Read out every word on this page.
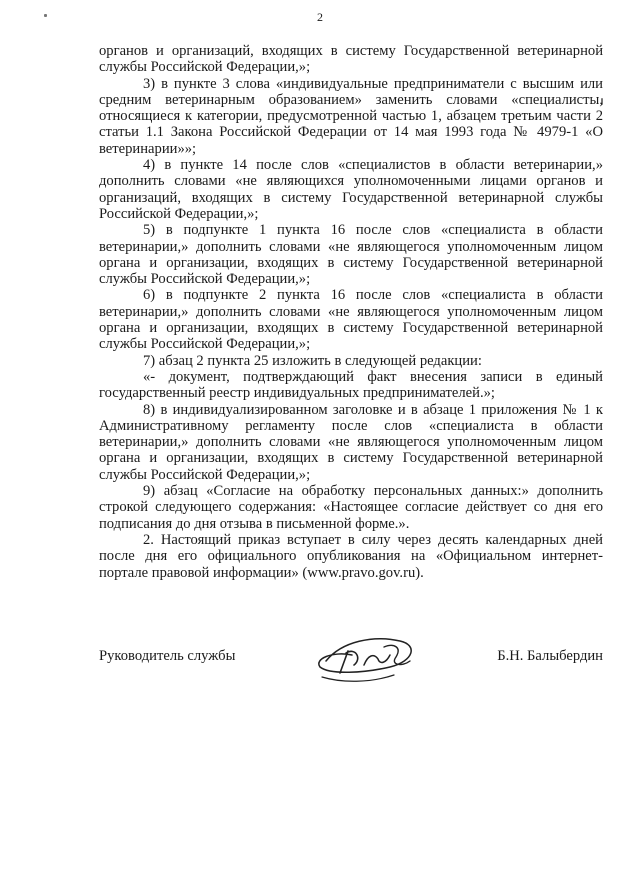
2

органов и организаций, входящих в систему Государственной ветеринарной службы Российской Федерации,»;

3) в пункте 3 слова «индивидуальные предприниматели с высшим или средним ветеринарным образованием» заменить словами «специалисты, относящиеся к категории, предусмотренной частью 1, абзацем третьим части 2 статьи 1.1 Закона Российской Федерации от 14 мая 1993 года № 4979-1 «О ветеринарии»»;

4) в пункте 14 после слов «специалистов в области ветеринарии,» дополнить словами «не являющихся уполномоченными лицами органов и организаций, входящих в систему Государственной ветеринарной службы Российской Федерации,»;

5) в подпункте 1 пункта 16 после слов «специалиста в области ветеринарии,» дополнить словами «не являющегося уполномоченным лицом органа и организации, входящих в систему Государственной ветеринарной службы Российской Федерации,»;

6) в подпункте 2 пункта 16 после слов «специалиста в области ветеринарии,» дополнить словами «не являющегося уполномоченным лицом органа и организации, входящих в систему Государственной ветеринарной службы Российской Федерации,»;

7) абзац 2 пункта 25 изложить в следующей редакции:

«- документ, подтверждающий факт внесения записи в единый государственный реестр индивидуальных предпринимателей.»;

8) в индивидуализированном заголовке и в абзаце 1 приложения № 1 к Административному регламенту после слов «специалиста в области ветеринарии,» дополнить словами «не являющегося уполномоченным лицом органа и организации, входящих в систему Государственной ветеринарной службы Российской Федерации,»;

9) абзац «Согласие на обработку персональных данных:» дополнить строкой следующего содержания: «Настоящее согласие действует со дня его подписания до дня отзыва в письменной форме.».

2. Настоящий приказ вступает в силу через десять календарных дней после дня его официального опубликования на «Официальном интернет-портале правовой информации» (www.pravo.gov.ru).

Руководитель службы	Б.Н. Балыбердин
